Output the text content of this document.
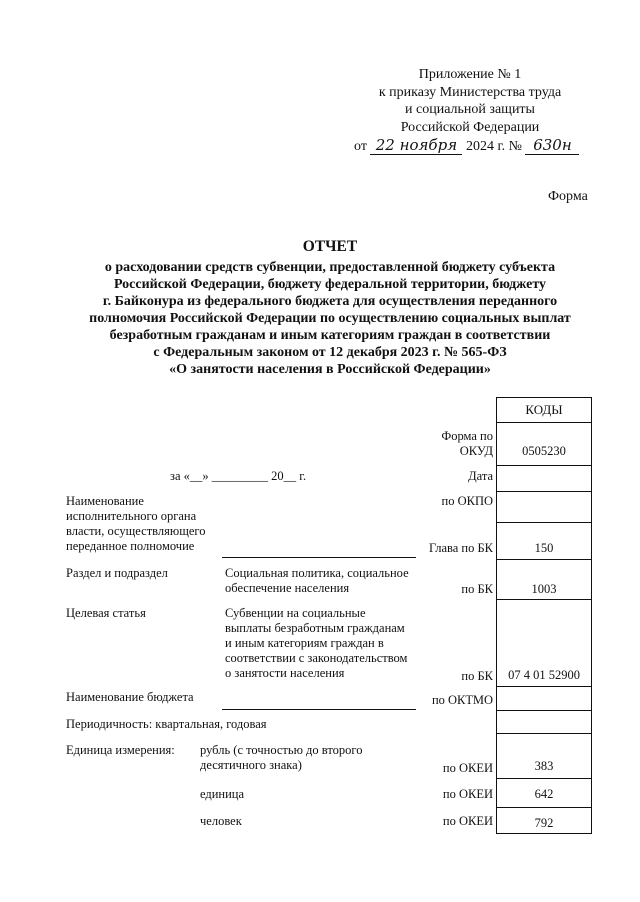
Приложение № 1
к приказу Министерства труда
и социальной защиты
Российской Федерации
от 22 ноября 2024 г. № 630н
Форма
ОТЧЕТ
о расходовании средств субвенции, предоставленной бюджету субъекта
Российской Федерации, бюджету федеральной территории, бюджету
г. Байконура из федерального бюджета для осуществления переданного
полномочия Российской Федерации по осуществлению социальных выплат
безработным гражданам и иным категориям граждан в соответствии
с Федеральным законом от 12 декабря 2023 г. № 565-ФЗ
«О занятости населения в Российской Федерации»
КОДЫ
0505230
150
1003
07 4 01 52900
383
642
792
Форма по
ОКУД
Дата
по ОКПО
Глава по БК
по БК
по БК
по ОКТМО
по ОКЕИ
по ОКЕИ
по ОКЕИ
за «__» _________ 20__ г.
Наименование
исполнительного органа
власти, осуществляющего
переданное полномочие
Раздел и подраздел	Социальная политика, социальное
обеспечение населения
Целевая статья	Субвенции на социальные
выплаты безработным гражданам
и иным категориям граждан в
соответствии с законодательством
о занятости населения
Наименование бюджета
Периодичность: квартальная, годовая
Единица измерения: рубль (с точностью до второго
десятичного знака)
единица
человек
